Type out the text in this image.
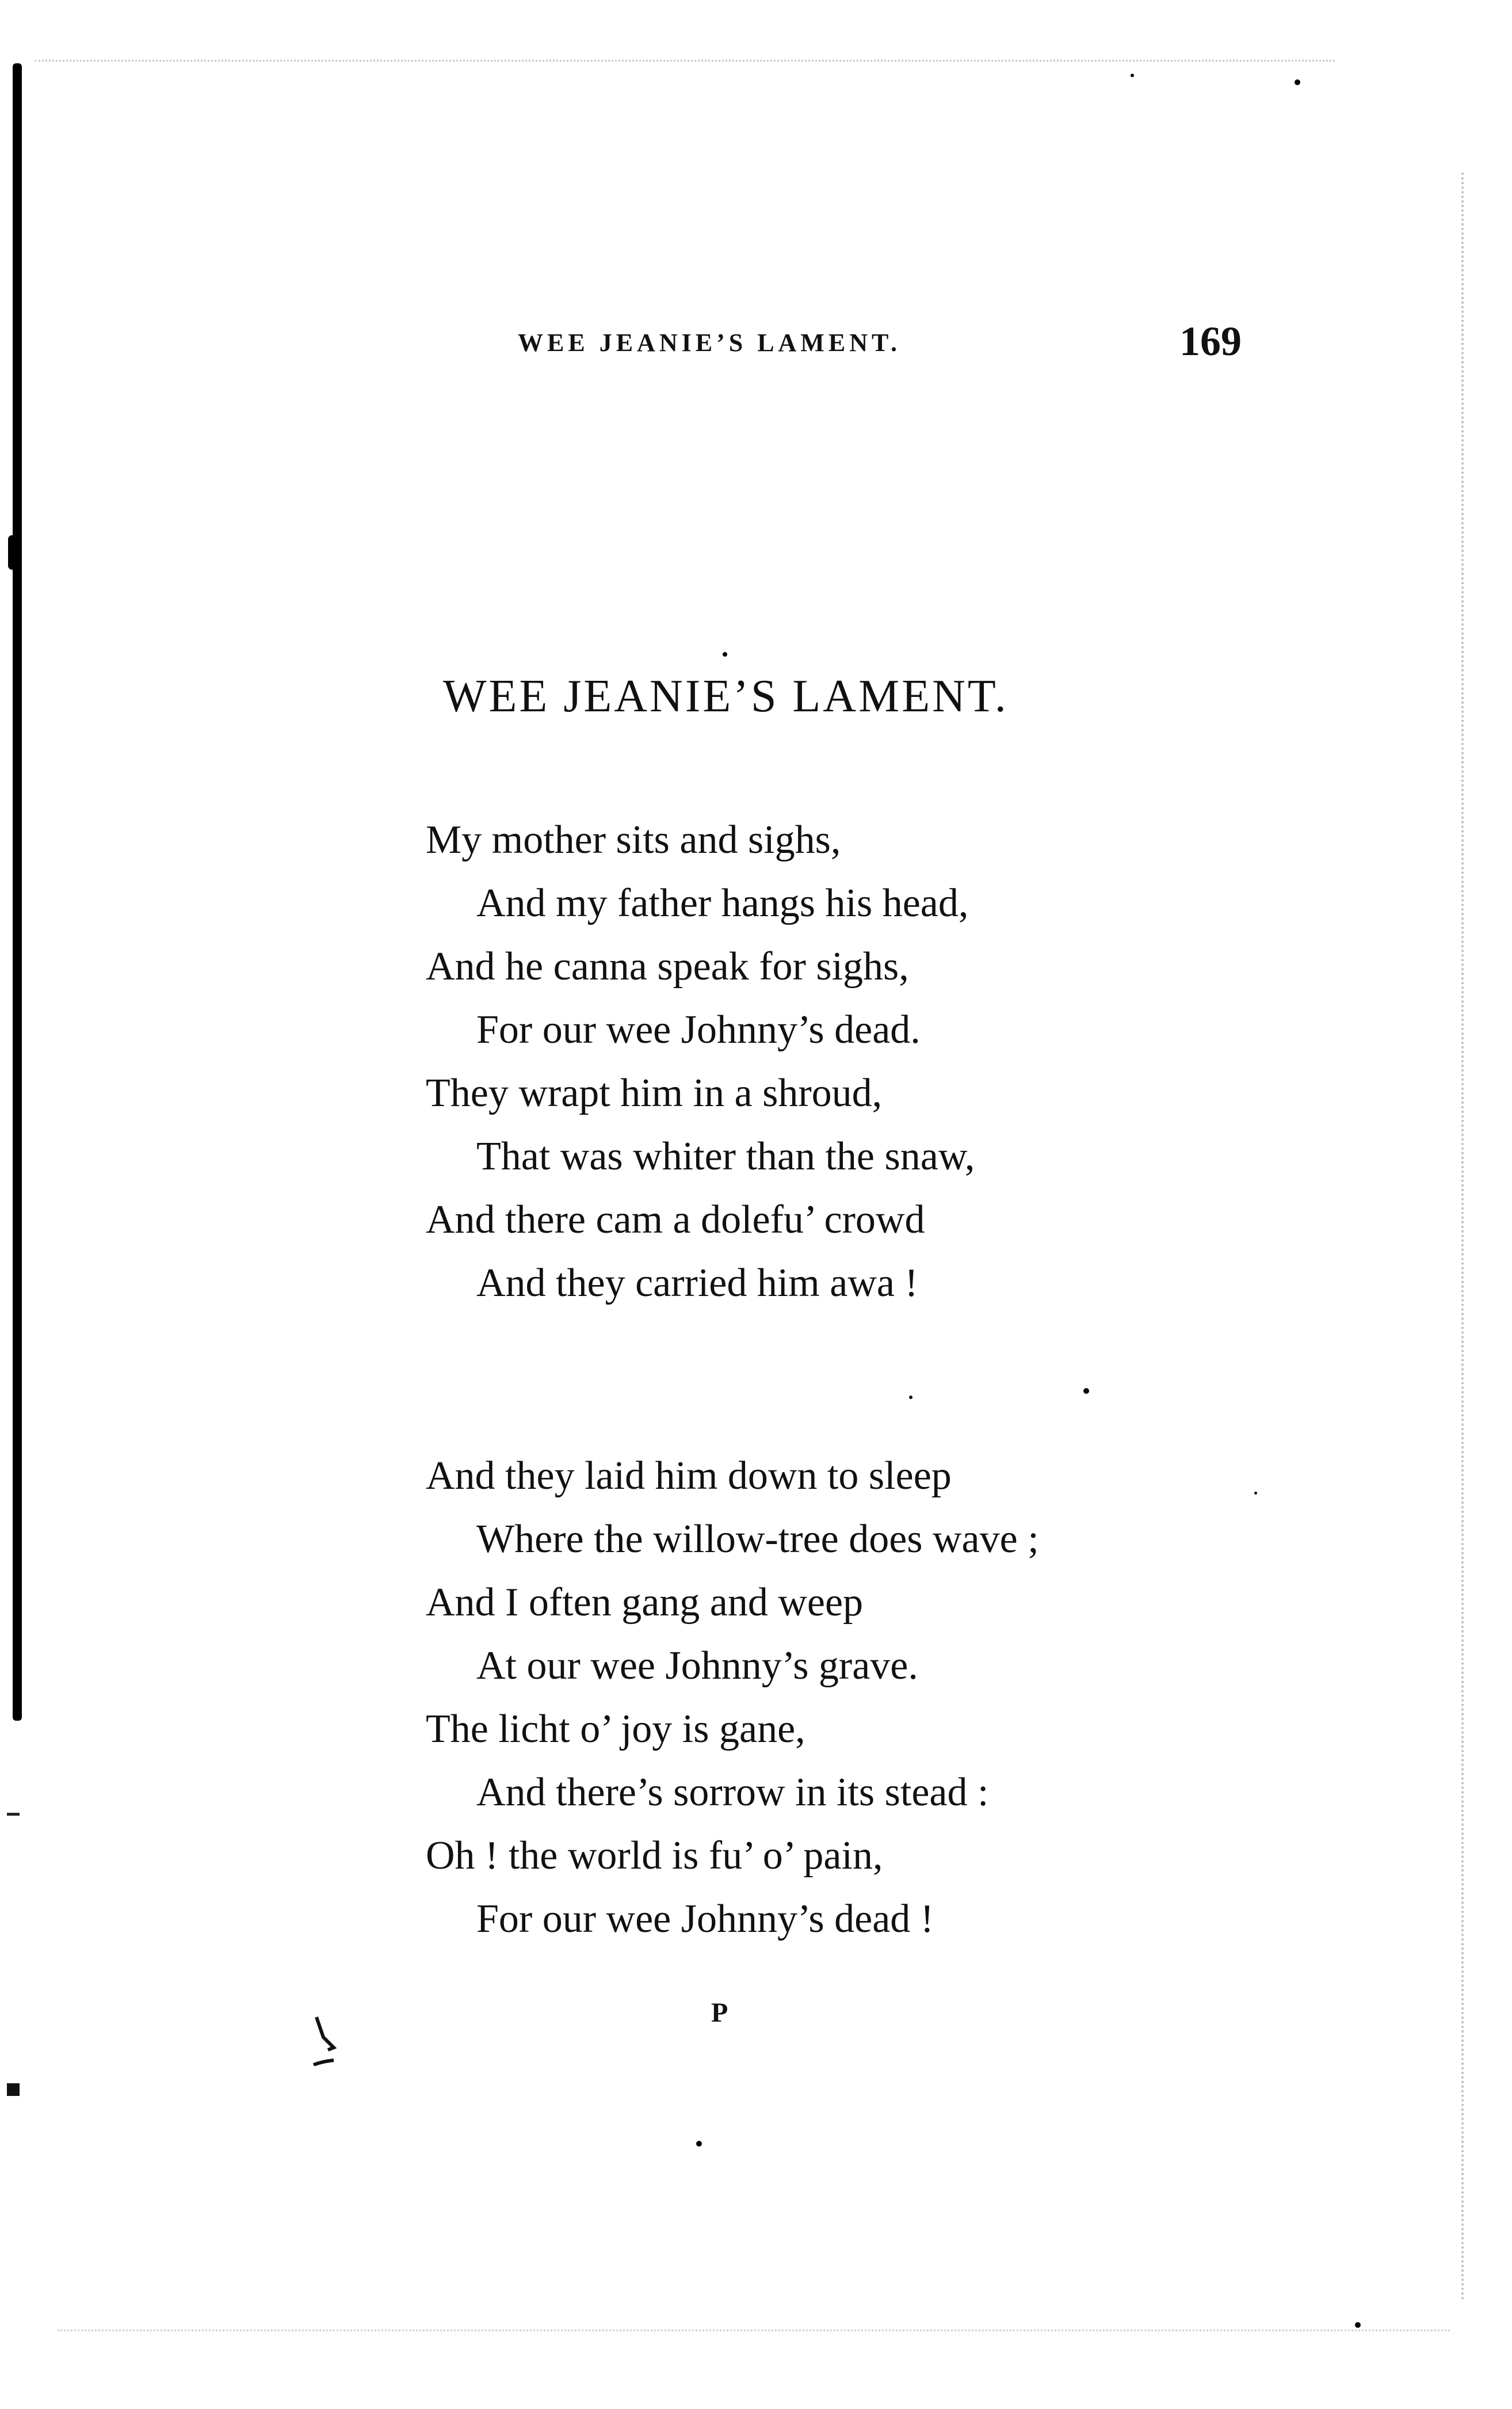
WEE JEANIE’S LAMENT.	169
WEE JEANIE’S LAMENT.
My mother sits and sighs,
And my father hangs his head,
And he canna speak for sighs,
For our wee Johnny’s dead.
They wrapt him in a shroud,
That was whiter than the snaw,
And there cam a dolefu’ crowd
And they carried him awa !
And they laid him down to sleep
Where the willow-tree does wave ;
And I often gang and weep
At our wee Johnny’s grave.
The licht o’ joy is gane,
And there’s sorrow in its stead :
Oh ! the world is fu’ o’ pain,
For our wee Johnny’s dead !
P
